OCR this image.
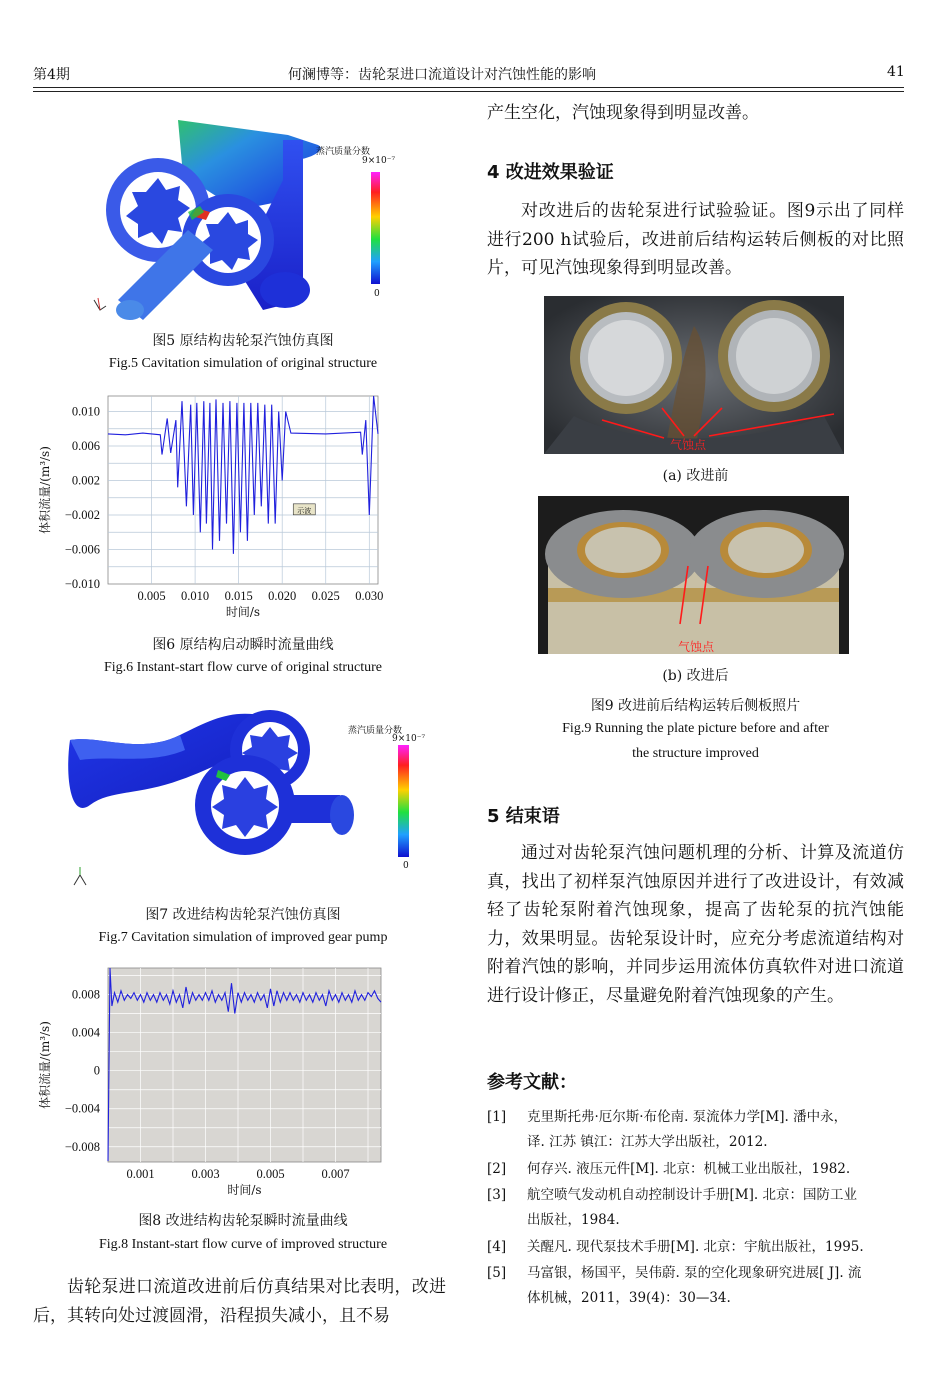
第4期	何澜博等：齿轮泵进口流道设计对汽蚀性能的影响	41
蒸汽质量分数
9×10⁻⁷
0
图5 原结构齿轮泵汽蚀仿真图
Fig.5 Cavitation simulation of original structure
0.005 0.010 0.015 0.020 0.025 0.030
0.010
0.006
0.002
−0.002
−0.006
−0.010
时间/s
体积流量/(m³/s)	示波
图6 原结构启动瞬时流量曲线
Fig.6 Instant-start flow curve of original structure
蒸汽质量分数
9×10⁻⁷
0
图7 改进结构齿轮泵汽蚀仿真图
Fig.7 Cavitation simulation of improved gear pump
0.001	0.003	0.005	0.007
0.008
0.004
0
−0.004
−0.008
时间/s
体积流量/(m³/s)
图8 改进结构齿轮泵瞬时流量曲线
Fig.8 Instant-start flow curve of improved structure

齿轮泵进口流道改进前后仿真结果对比表明，改进后，其转向处过渡圆滑，沿程损失减小，且不易

产生空化，汽蚀现象得到明显改善。
4 改进效果验证

对改进后的齿轮泵进行试验验证。图9示出了同样进行200 h试验后，改进前后结构运转后侧板的对比照片，可见汽蚀现象得到明显改善。

气蚀点
(a) 改进前
气蚀点
(b) 改进后
图9 改进前后结构运转后侧板照片
Fig.9 Running the plate picture before and after
the structure improved
5 结束语

通过对齿轮泵汽蚀问题机理的分析、计算及流道仿真，找出了初样泵汽蚀原因并进行了改进设计，有效减轻了齿轮泵附着汽蚀现象，提高了齿轮泵的抗汽蚀能力，效果明显。齿轮泵设计时，应充分考虑流道结构对附着汽蚀的影响，并同步运用流体仿真软件对进口流道进行设计修正，尽量避免附着汽蚀现象的产生。

参考文献：
[1] 克里斯托弗·厄尔斯·布伦南. 泵流体力学[M]. 潘中永，
译. 江苏 镇江：江苏大学出版社，2012.
[2] 何存兴. 液压元件[M]. 北京：机械工业出版社，1982.
[3] 航空喷气发动机自动控制设计手册[M]. 北京：国防工业
出版社，1984.
[4] 关醒凡. 现代泵技术手册[M]. 北京：宇航出版社，1995.
[5] 马富银，杨国平，吴伟蔚. 泵的空化现象研究进展[ J]. 流
体机械，2011，39(4)：30—34.
